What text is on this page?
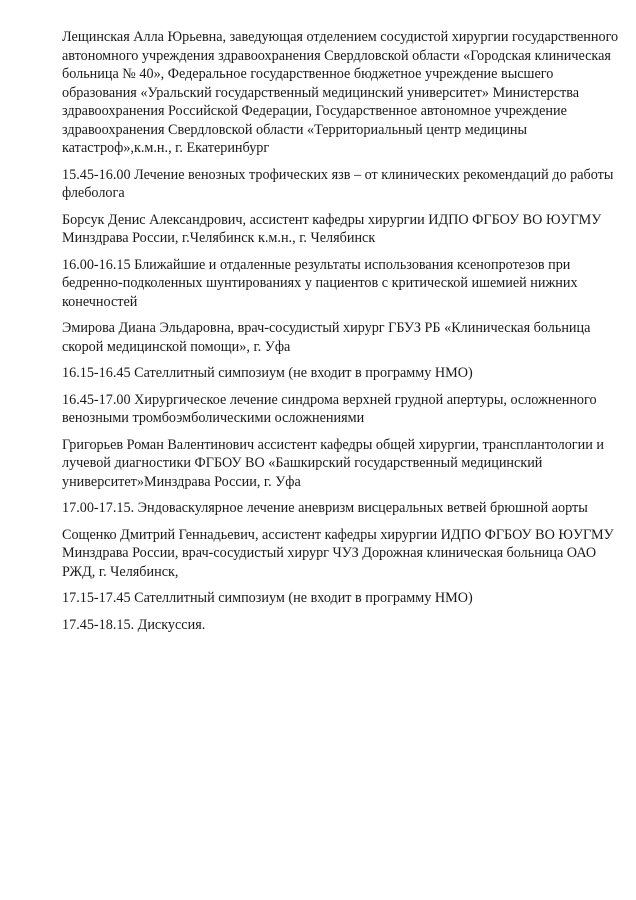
Лещинская Алла Юрьевна, заведующая отделением сосудистой хирургии государственного
автономного учреждения здравоохранения Свердловской области «Городская клиническая
больница № 40», Федеральное государственное бюджетное учреждение высшего
образования «Уральский государственный медицинский университет» Министерства
здравоохранения Российской Федерации, Государственное автономное учреждение
здравоохранения Свердловской области «Территориальный центр медицины
катастроф»,к.м.н., г. Екатеринбург

15.45-16.00 Лечение венозных трофических язв – от клинических рекомендаций до работы
флеболога

Борсук Денис Александрович, ассистент кафедры хирургии ИДПО ФГБОУ ВО ЮУГМУ
Минздрава России, г.Челябинск к.м.н., г. Челябинск

16.00-16.15 Ближайшие и отдаленные результаты использования ксенопротезов при
бедренно-подколенных шунтированиях у пациентов с критической ишемией нижних
конечностей

Эмирова Диана Эльдаровна, врач-сосудистый хирург ГБУЗ РБ «Клиническая больница
скорой медицинской помощи», г. Уфа

16.15-16.45 Сателлитный симпозиум (не входит в программу НМО)

16.45-17.00 Хирургическое лечение синдрома верхней грудной апертуры, осложненного
венозными тромбоэмболическими осложнениями

Григорьев Роман Валентинович ассистент кафедры общей хирургии, трансплантологии и
лучевой диагностики ФГБОУ ВО «Башкирский государственный медицинский
университет»Минздрава России, г. Уфа

17.00-17.15. Эндоваскулярное лечение аневризм висцеральных ветвей брюшной аорты

Сощенко Дмитрий Геннадьевич, ассистент кафедры хирургии ИДПО ФГБОУ ВО ЮУГМУ
Минздрава России, врач-сосудистый хирург ЧУЗ Дорожная клиническая больница ОАО
РЖД, г. Челябинск,

17.15-17.45 Сателлитный симпозиум (не входит в программу НМО)

17.45-18.15. Дискуссия.
